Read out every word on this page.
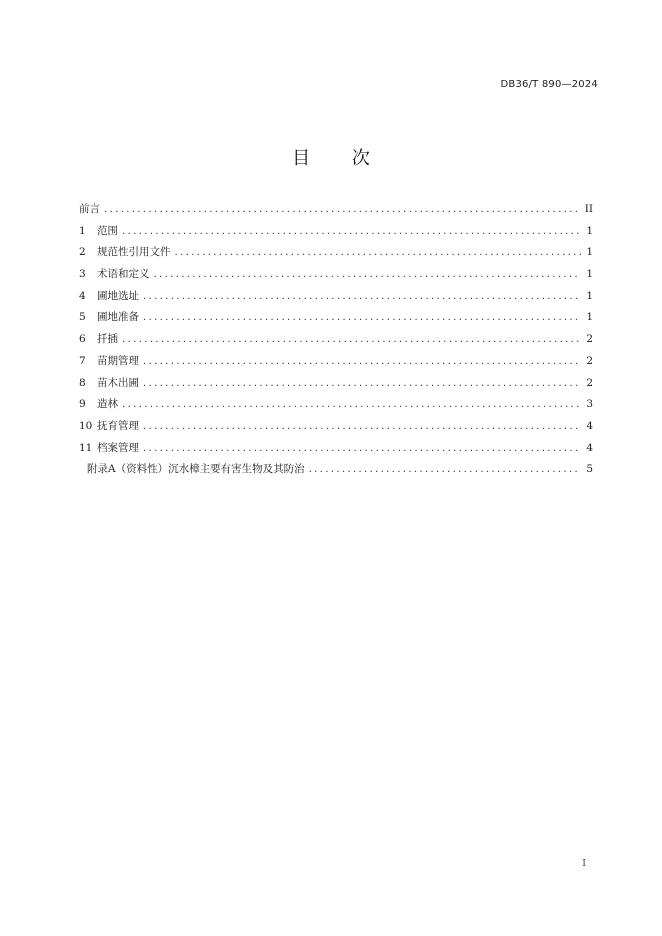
DB36/T 890—2024
目 次
前言 .....	II
1	范围 .....	1
2	规范性引用文件 .....	1
3	术语和定义 .....	1
4	圃地选址 .....	1
5	圃地准备 .....	1
6	扦插 .....	2
7	苗期管理 .....	2
8	苗木出圃 .....	2
9	造林 .....	3
10 抚育管理 .....	4
11 档案管理 .....	4
附录A（资料性）沉水樟主要有害生物及其防治 .....	5
I
